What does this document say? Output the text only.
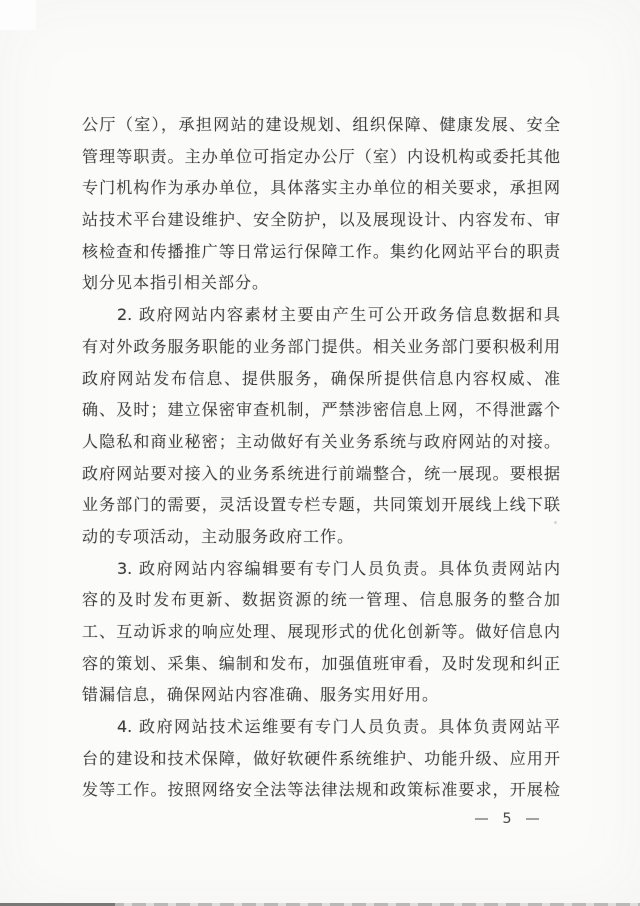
公厅（室），承担网站的建设规划、组织保障、健康发展、安全
管理等职责。主办单位可指定办公厅（室）内设机构或委托其他
专门机构作为承办单位，具体落实主办单位的相关要求，承担网
站技术平台建设维护、安全防护，以及展现设计、内容发布、审
核检查和传播推广等日常运行保障工作。集约化网站平台的职责
划分见本指引相关部分。
2. 政府网站内容素材主要由产生可公开政务信息数据和具
有对外政务服务职能的业务部门提供。相关业务部门要积极利用
政府网站发布信息、提供服务，确保所提供信息内容权威、准
确、及时；建立保密审查机制，严禁涉密信息上网，不得泄露个
人隐私和商业秘密；主动做好有关业务系统与政府网站的对接。
政府网站要对接入的业务系统进行前端整合，统一展现。要根据
业务部门的需要，灵活设置专栏专题，共同策划开展线上线下联
动的专项活动，主动服务政府工作。
3. 政府网站内容编辑要有专门人员负责。具体负责网站内
容的及时发布更新、数据资源的统一管理、信息服务的整合加
工、互动诉求的响应处理、展现形式的优化创新等。做好信息内
容的策划、采集、编制和发布，加强值班审看，及时发现和纠正
错漏信息，确保网站内容准确、服务实用好用。
4. 政府网站技术运维要有专门人员负责。具体负责网站平
台的建设和技术保障，做好软硬件系统维护、功能升级、应用开
发等工作。按照网络安全法等法律法规和政策标准要求，开展检
— 5 —
